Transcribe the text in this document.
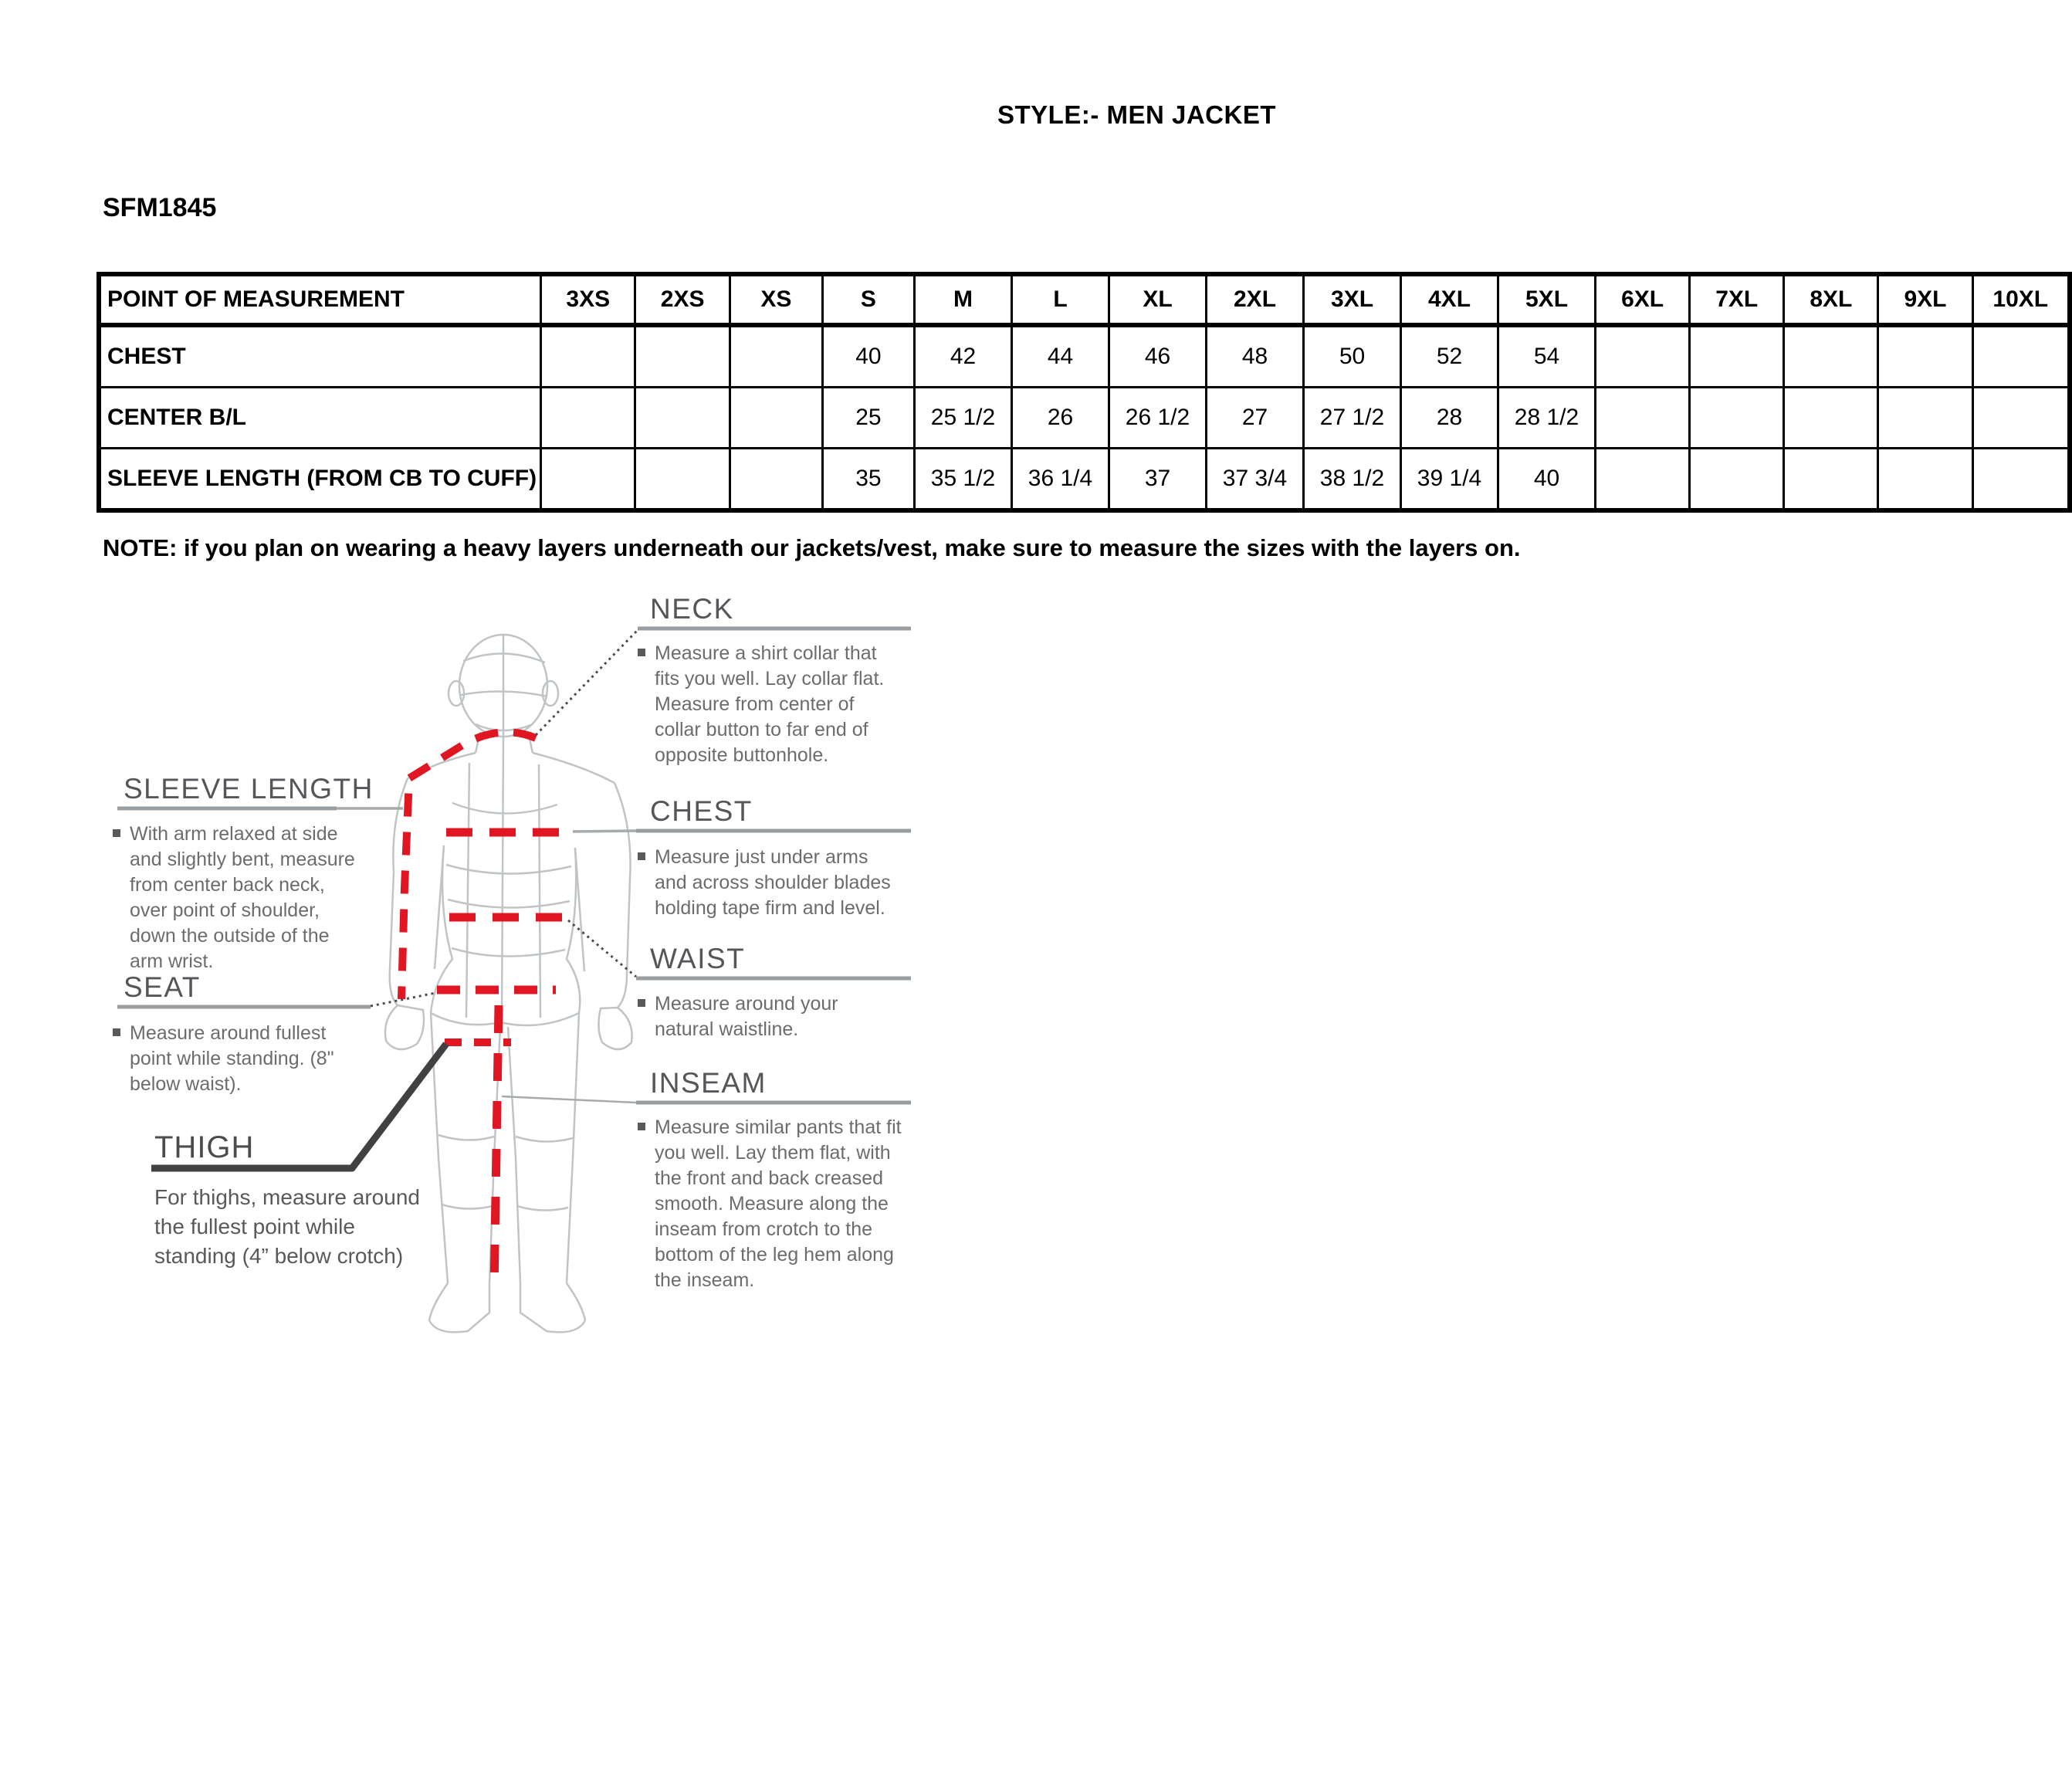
STYLE:- MEN JACKET
SFM1845
POINT OF MEASUREMENT	3XS	2XS	XS	S	M	L	XL	2XL	3XL	4XL	5XL	6XL	7XL	8XL	9XL	10XL
CHEST				40	42	44	46	48	50	52	54					
CENTER B/L				25	25 1/2	26	26 1/2	27	27 1/2	28	28 1/2					
SLEEVE LENGTH (FROM CB TO CUFF)				35	35 1/2	36 1/4	37	37 3/4	38 1/2	39 1/4	40					
NOTE: if you plan on wearing a heavy layers underneath our jackets/vest, make sure to measure the sizes with the layers on.
NECK
Measure a shirt collar that fits you well. Lay collar flat. Measure from center of collar button to far end of opposite buttonhole.
CHEST
Measure just under arms and across shoulder blades holding tape firm and level.
WAIST
Measure around your natural waistline.
INSEAM
Measure similar pants that fit you well. Lay them flat, with the front and back creased smooth. Measure along the inseam from crotch to the bottom of the leg hem along the inseam.
SLEEVE LENGTH
With arm relaxed at side and slightly bent, measure from center back neck, over point of shoulder, down the outside of the arm wrist.
SEAT
Measure around fullest point while standing. (8" below waist).
THIGH
For thighs, measure around the fullest point while standing (4” below crotch)
